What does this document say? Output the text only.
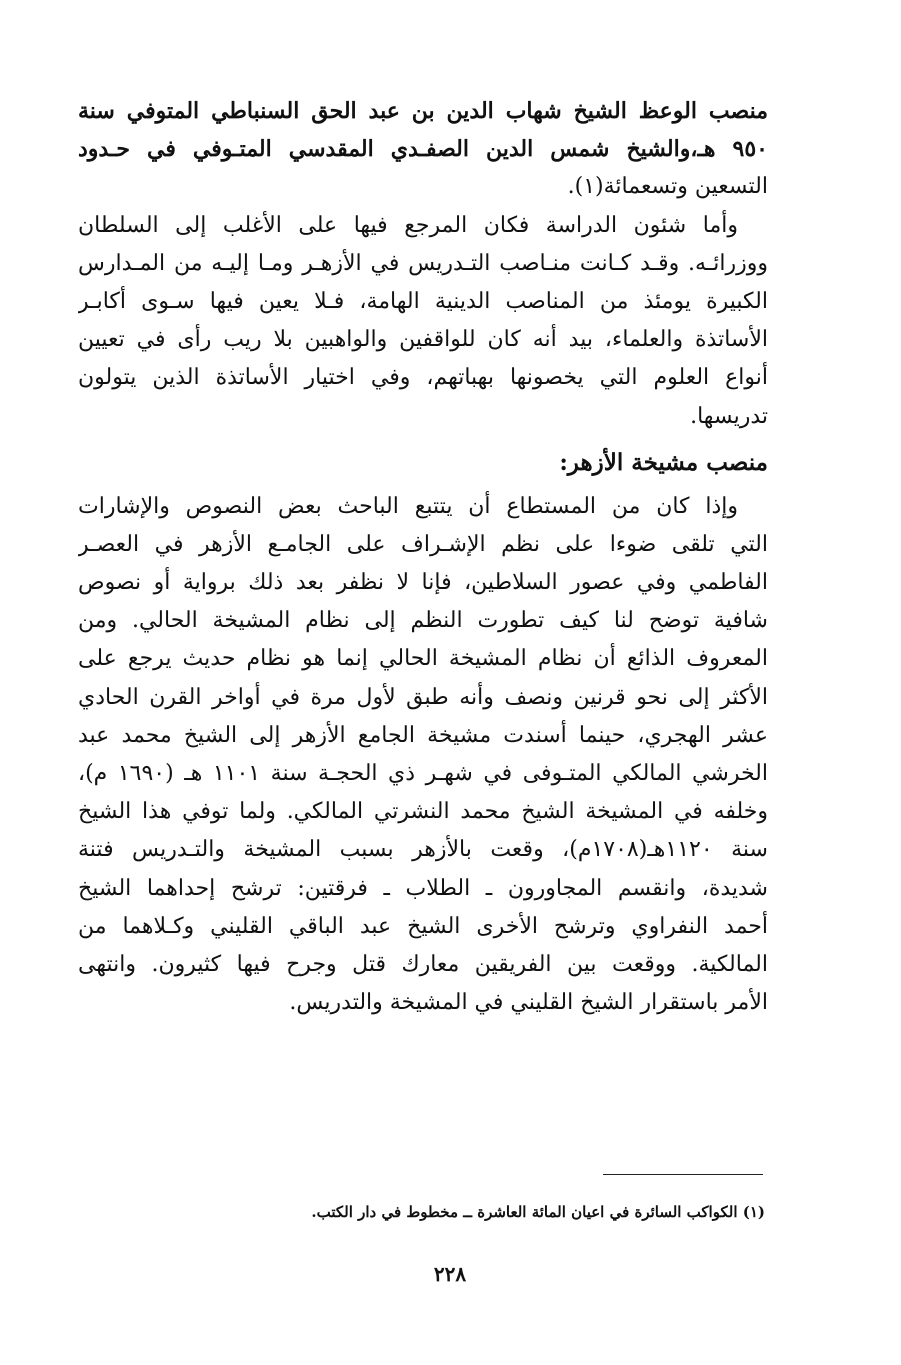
منصب الوعظ الشيخ شهاب الدين بن عبد الحق السنباطي المتوفي سنة
٩٥٠ هـ،والشيخ شمس الدين الصفـدي المقدسي المتـوفي في حـدود
التسعين وتسعمائة(١).
وأما شئون الدراسة فكان المرجع فيها على الأغلب إلى السلطان
ووزرائـه. وقـد كـانت منـاصب التـدريس في الأزهـر ومـا إليـه من المـدارس
الكبيرة يومئذ من المناصب الدينية الهامة، فـلا يعين فيها سـوى أكابـر
الأساتذة والعلماء، بيد أنه كان للواقفين والواهبين بلا ريب رأى في تعيين
أنواع العلوم التي يخصونها بهباتهم، وفي اختيار الأساتذة الذين يتولون
تدريسها.
منصب مشيخة الأزهر:
وإذا كان من المستطاع أن يتتبع الباحث بعض النصوص والإشارات
التي تلقى ضوءا على نظم الإشـراف على الجامـع الأزهر في العصـر
الفاطمي وفي عصور السلاطين، فإنا لا نظفر بعد ذلك برواية أو نصوص
شافية توضح لنا كيف تطورت النظم إلى نظام المشيخة الحالي. ومن
المعروف الذائع أن نظام المشيخة الحالي إنما هو نظام حديث يرجع على
الأكثر إلى نحو قرنين ونصف وأنه طبق لأول مرة في أواخر القرن الحادي
عشر الهجري، حينما أسندت مشيخة الجامع الأزهر إلى الشيخ محمد عبد
الخرشي المالكي المتـوفى في شهـر ذي الحجـة سنة ١١٠١ هـ (١٦٩٠ م)،
وخلفه في المشيخة الشيخ محمد النشرتي المالكي. ولما توفي هذا الشيخ
سنة ١١٢٠هـ(١٧٠٨م)، وقعت بالأزهر بسبب المشيخة والتـدريس فتنة
شديدة، وانقسم المجاورون ـ الطلاب ـ فرقتين: ترشح إحداهما الشيخ
أحمد النفراوي وترشح الأخرى الشيخ عبد الباقي القليني وكـلاهما من
المالكية. ووقعت بين الفريقين معارك قتل وجرح فيها كثيرون. وانتهى
الأمر باستقرار الشيخ القليني في المشيخة والتدريس.
(١) الكواكب السائرة في اعيان المائة العاشرة ــ مخطوط في دار الكتب.
٢٢٨
